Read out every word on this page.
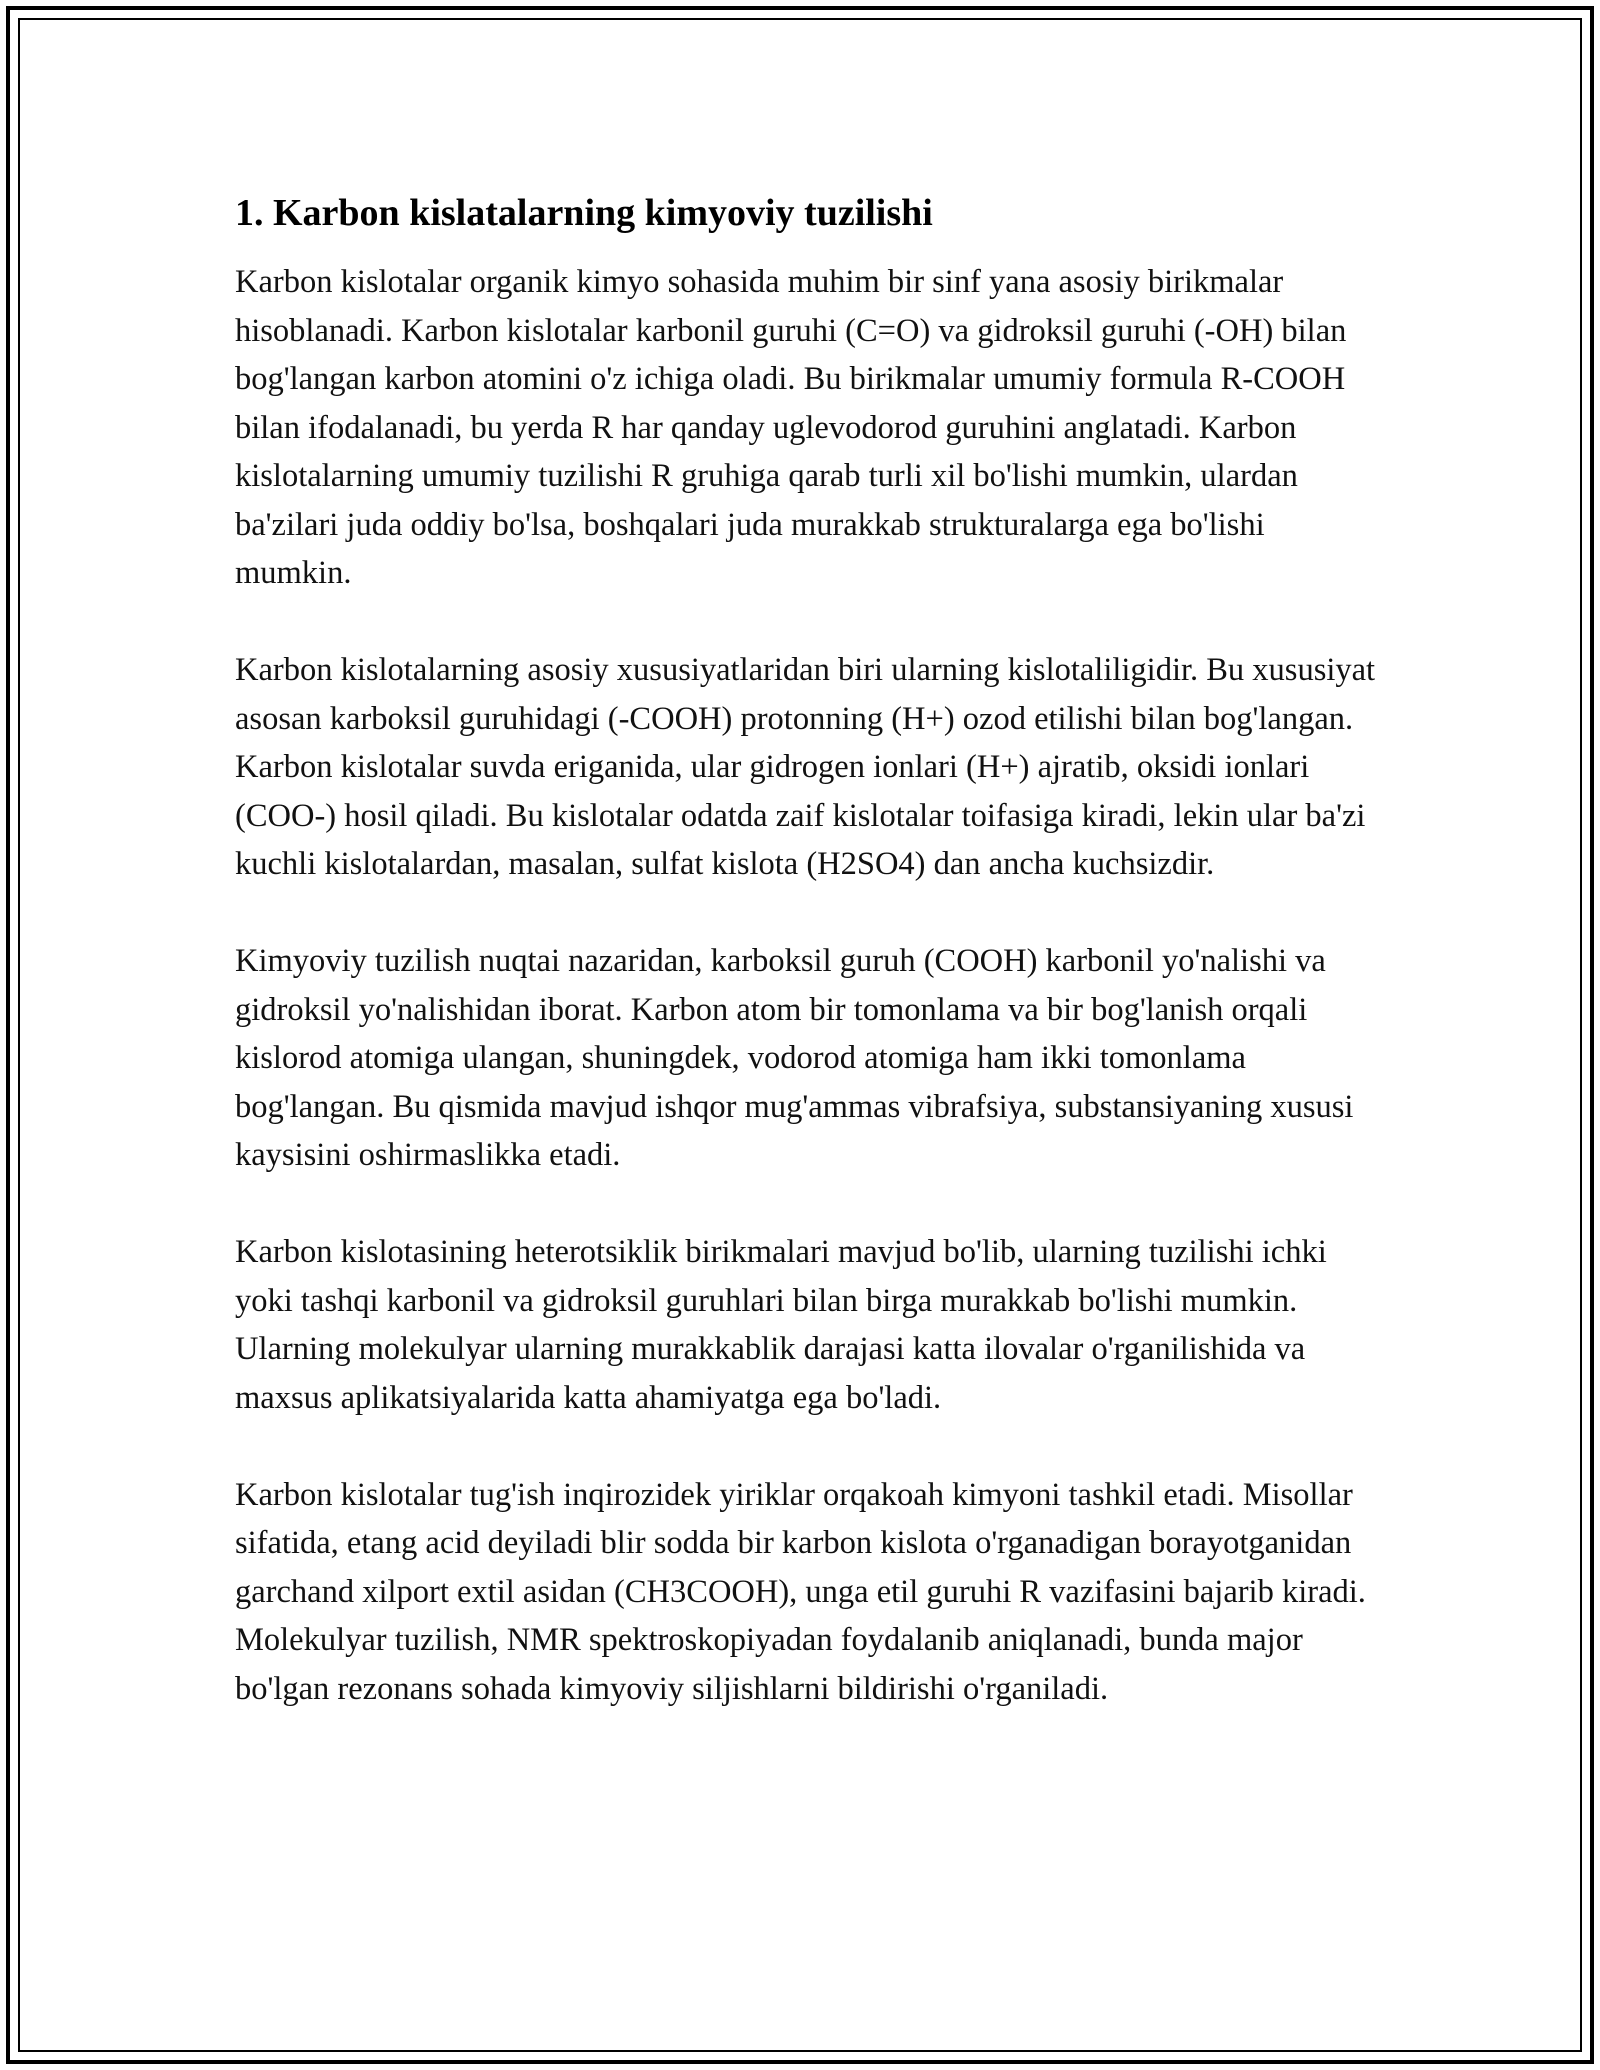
1. Karbon kislatalarning kimyoviy tuzilishi

Karbon kislotalar organik kimyo sohasida muhim bir sinf yana asosiy birikmalar hisoblanadi. Karbon kislotalar karbonil guruhi (C=O) va gidroksil guruhi (-OH) bilan bog'langan karbon atomini o'z ichiga oladi. Bu birikmalar umumiy formula R-COOH bilan ifodalanadi, bu yerda R har qanday uglevodorod guruhini anglatadi. Karbon kislotalarning umumiy tuzilishi R gruhiga qarab turli xil bo'lishi mumkin, ulardan ba'zilari juda oddiy bo'lsa, boshqalari juda murakkab strukturalarga ega bo'lishi mumkin.

Karbon kislotalarning asosiy xususiyatlaridan biri ularning kislotaliligidir. Bu xususiyat asosan karboksil guruhidagi (-COOH) protonning (H+) ozod etilishi bilan bog'langan. Karbon kislotalar suvda eriganida, ular gidrogen ionlari (H+) ajratib, oksidi ionlari (COO-) hosil qiladi. Bu kislotalar odatda zaif kislotalar toifasiga kiradi, lekin ular ba'zi kuchli kislotalardan, masalan, sulfat kislota (H2SO4) dan ancha kuchsizdir.

Kimyoviy tuzilish nuqtai nazaridan, karboksil guruh (COOH) karbonil yo'nalishi va gidroksil yo'nalishidan iborat. Karbon atom bir tomonlama va bir bog'lanish orqali kislorod atomiga ulangan, shuningdek, vodorod atomiga ham ikki tomonlama bog'langan. Bu qismida mavjud ishqor mug'ammas vibrafsiya, substansiyaning xususi kaysisini oshirmaslikka etadi.

Karbon kislotasining heterotsiklik birikmalari mavjud bo'lib, ularning tuzilishi ichki yoki tashqi karbonil va gidroksil guruhlari bilan birga murakkab bo'lishi mumkin. Ularning molekulyar ularning murakkablik darajasi katta ilovalar o'rganilishida va maxsus aplikatsiyalarida katta ahamiyatga ega bo'ladi.

Karbon kislotalar tug'ish inqirozidek yiriklar orqakoah kimyoni tashkil etadi. Misollar sifatida, etang acid deyiladi blir sodda bir karbon kislota o'rganadigan borayotganidan garchand xilport extil asidan (CH3COOH), unga etil guruhi R vazifasini bajarib kiradi. Molekulyar tuzilish, NMR spektroskopiyadan foydalanib aniqlanadi, bunda major bo'lgan rezonans sohada kimyoviy siljishlarni bildirishi o'rganiladi.
